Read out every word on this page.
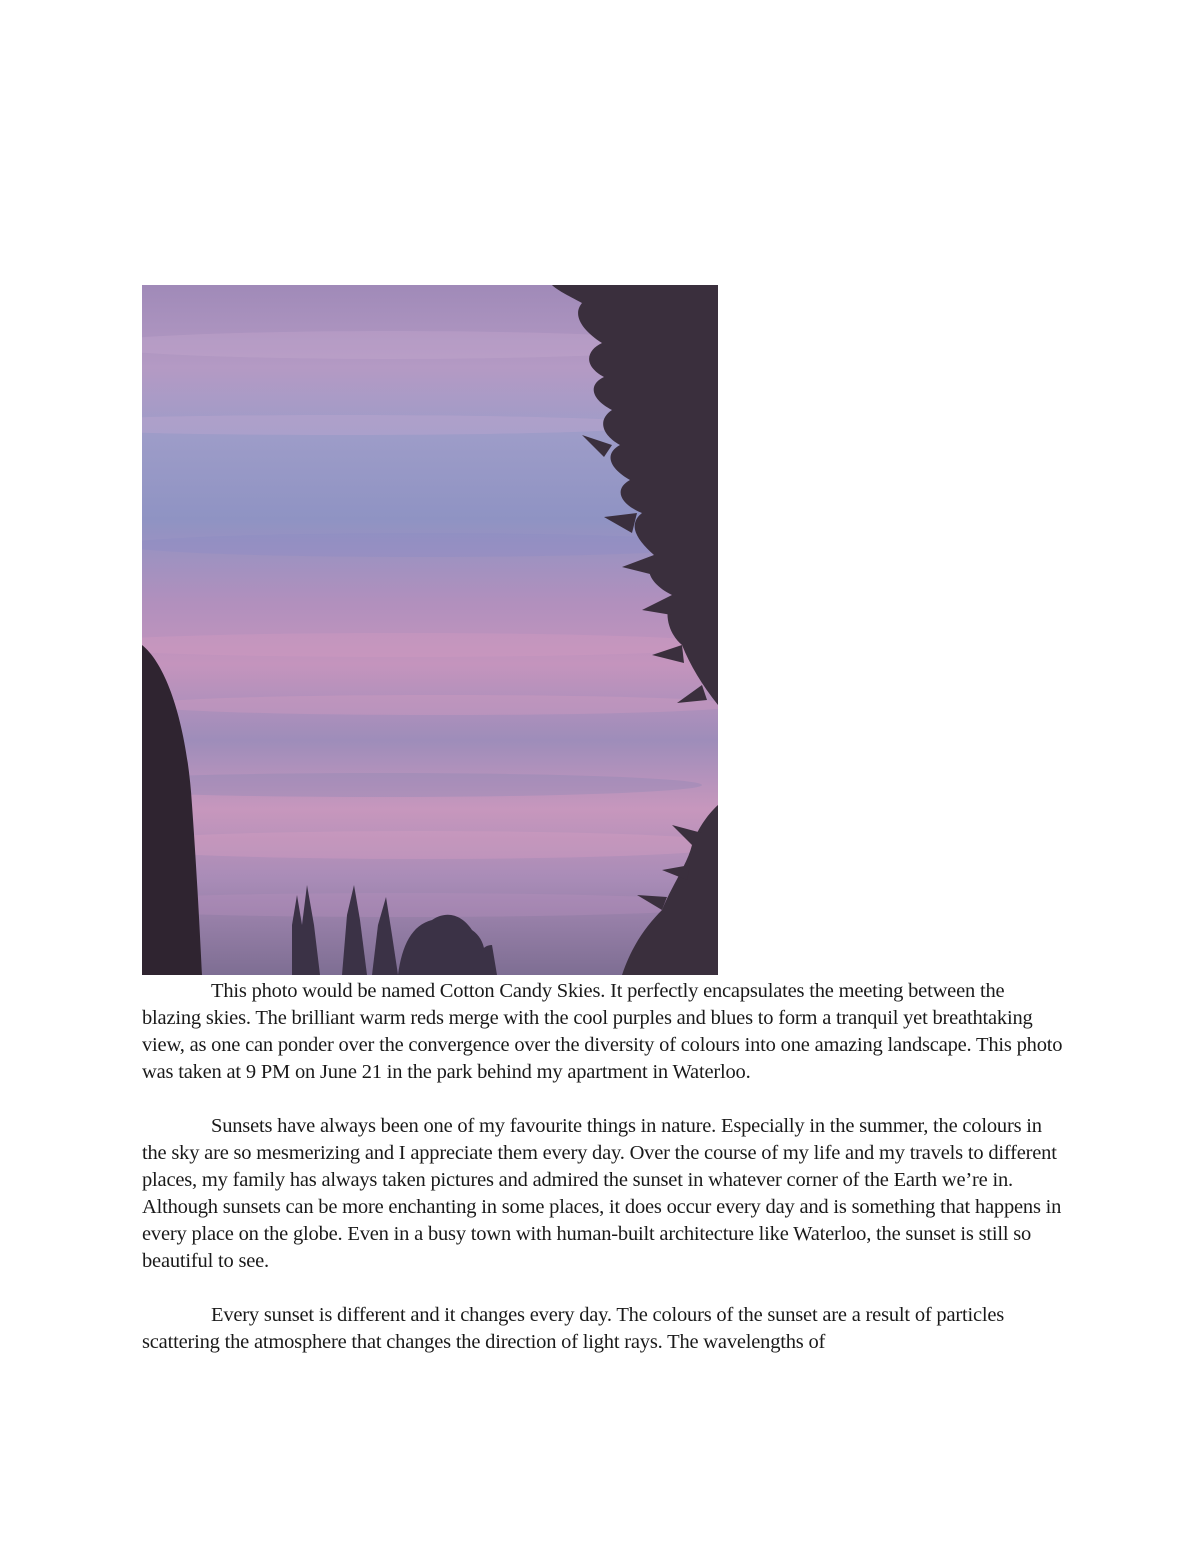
This photo would be named Cotton Candy Skies. It perfectly encapsulates the meeting between the blazing skies. The brilliant warm reds merge with the cool purples and blues to form a tranquil yet breathtaking view, as one can ponder over the convergence over the diversity of colours into one amazing landscape. This photo was taken at 9 PM on June 21 in the park behind my apartment in Waterloo.

Sunsets have always been one of my favourite things in nature. Especially in the summer, the colours in the sky are so mesmerizing and I appreciate them every day. Over the course of my life and my travels to different places, my family has always taken pictures and admired the sunset in whatever corner of the Earth we’re in. Although sunsets can be more enchanting in some places, it does occur every day and is something that happens in every place on the globe. Even in a busy town with human-built architecture like Waterloo, the sunset is still so beautiful to see.

Every sunset is different and it changes every day. The colours of the sunset are a result of particles scattering the atmosphere that changes the direction of light rays. The wavelengths of
